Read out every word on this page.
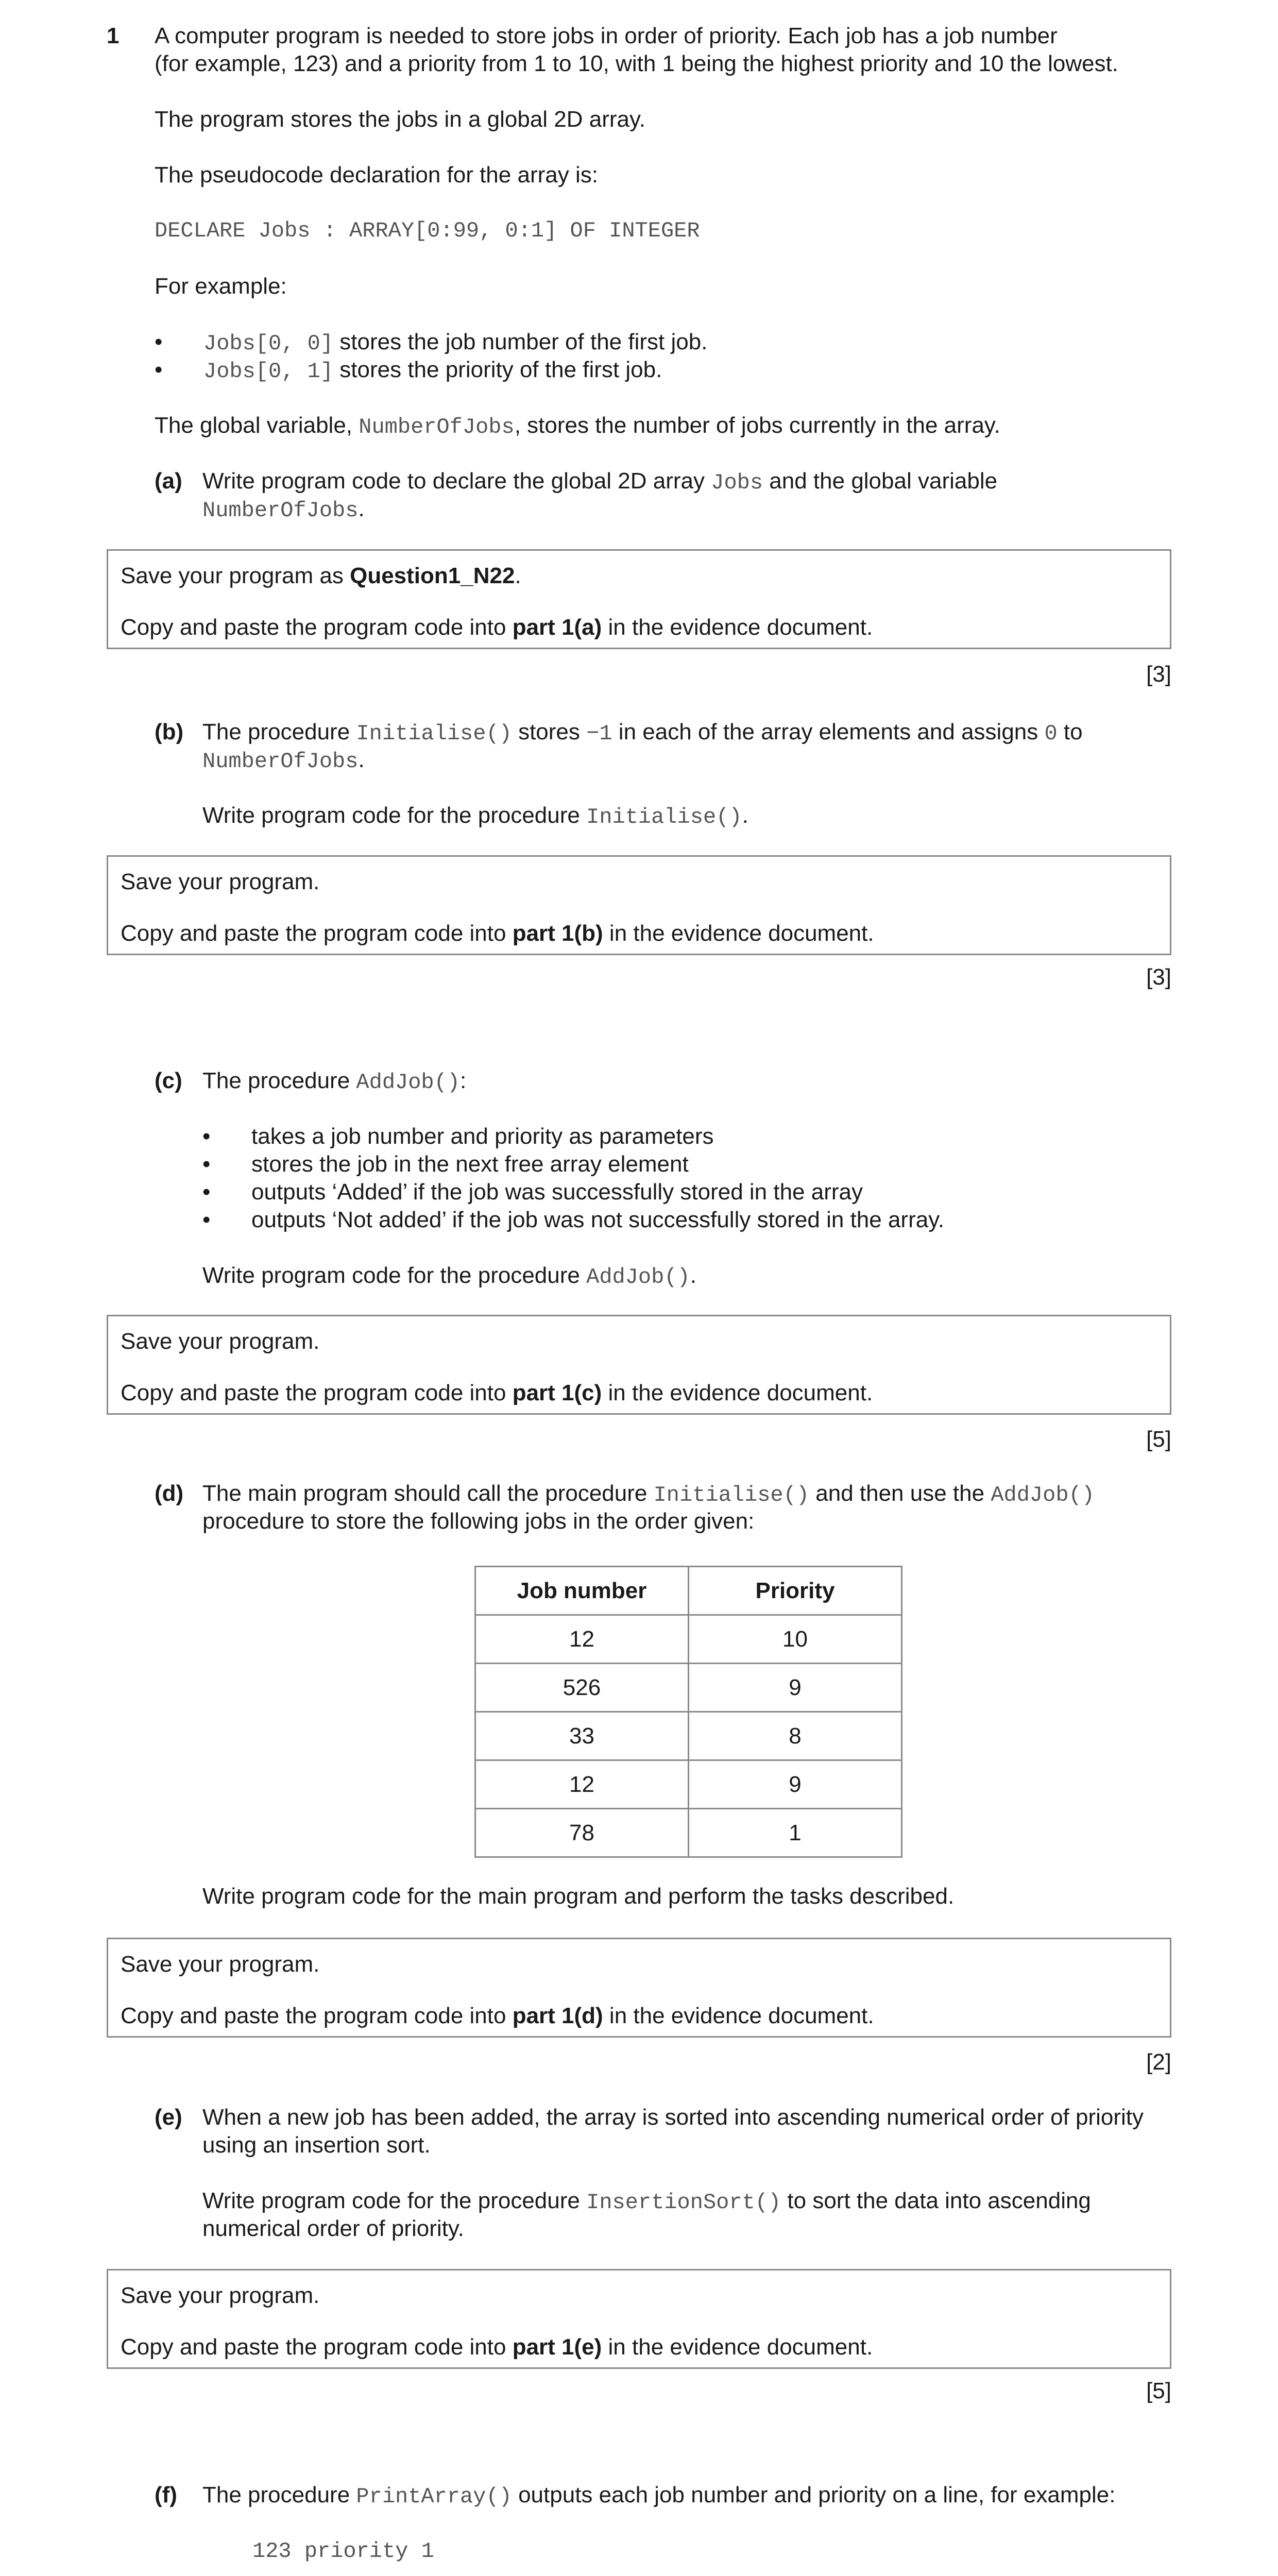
1 A computer program is needed to store jobs in order of priority. Each job has a job number
(for example, 123) and a priority from 1 to 10, with 1 being the highest priority and 10 the lowest.
The program stores the jobs in a global 2D array.
The pseudocode declaration for the array is:
DECLARE Jobs : ARRAY[0:99, 0:1] OF INTEGER
For example:
• Jobs[0, 0] stores the job number of the first job.
• Jobs[0, 1] stores the priority of the first job.
The global variable, NumberOfJobs, stores the number of jobs currently in the array.
(a) Write program code to declare the global 2D array Jobs and the global variable
NumberOfJobs.
Save your program as Question1_N22.
Copy and paste the program code into part 1(a) in the evidence document.
[3]
(b) The procedure Initialise() stores −1 in each of the array elements and assigns 0 to
NumberOfJobs.
Write program code for the procedure Initialise().
Save your program.
Copy and paste the program code into part 1(b) in the evidence document.
[3]
(c) The procedure AddJob():
• takes a job number and priority as parameters
• stores the job in the next free array element
• outputs ‘Added’ if the job was successfully stored in the array
• outputs ‘Not added’ if the job was not successfully stored in the array.
Write program code for the procedure AddJob().
Save your program.
Copy and paste the program code into part 1(c) in the evidence document.
[5]
(d) The main program should call the procedure Initialise() and then use the AddJob()
procedure to store the following jobs in the order given:
Job number	Priority
12	10
526	9
33	8
12	9
78	1
Write program code for the main program and perform the tasks described.
Save your program.
Copy and paste the program code into part 1(d) in the evidence document.
[2]
(e) When a new job has been added, the array is sorted into ascending numerical order of priority
using an insertion sort.
Write program code for the procedure InsertionSort() to sort the data into ascending
numerical order of priority.
Save your program.
Copy and paste the program code into part 1(e) in the evidence document.
[5]
(f) The procedure PrintArray() outputs each job number and priority on a line, for example:
123 priority 1
